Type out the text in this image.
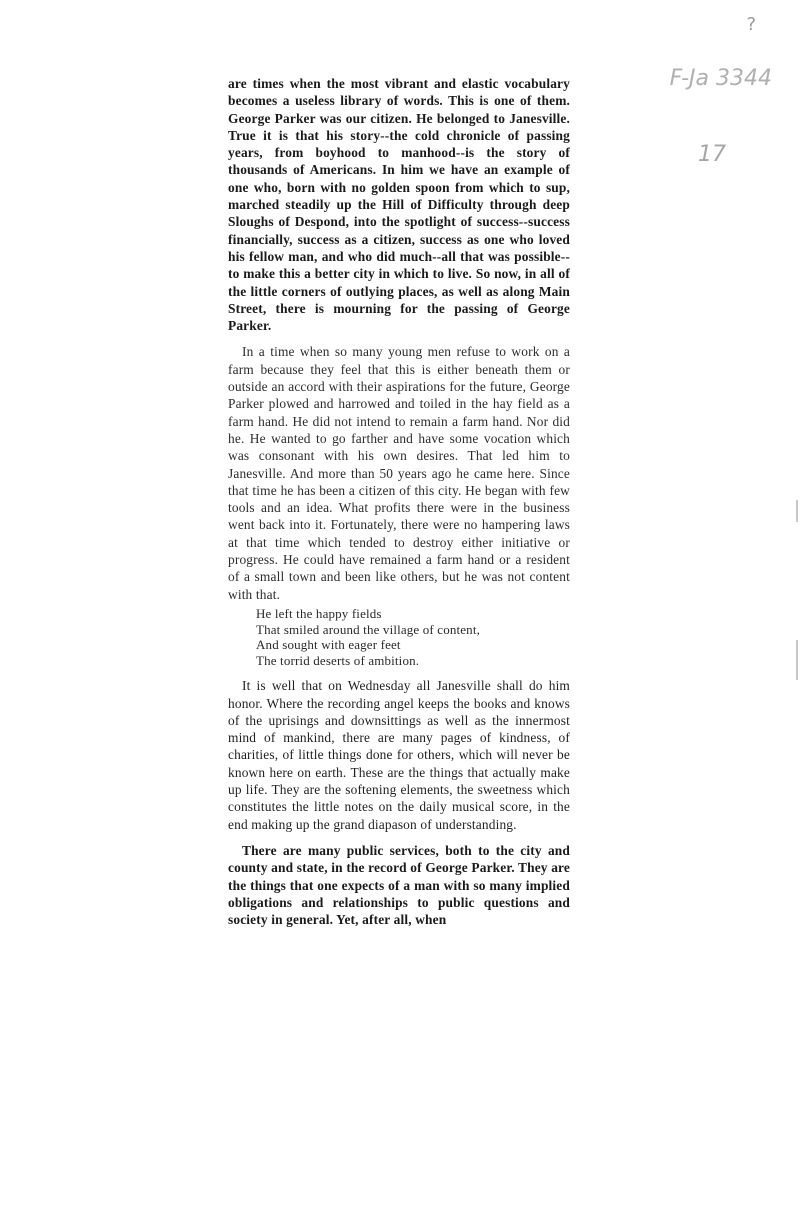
are times when the most vibrant and elastic vocabulary becomes a useless library of words. This is one of them. George Parker was our citizen. He belonged to Janesville. True it is that his story--the cold chronicle of passing years, from boyhood to manhood--is the story of thousands of Americans. In him we have an example of one who, born with no golden spoon from which to sup, marched steadily up the Hill of Difficulty through deep Sloughs of Despond, into the spotlight of success--success financially, success as a citizen, success as one who loved his fellow man, and who did much--all that was possible--to make this a better city in which to live. So now, in all of the little corners of outlying places, as well as along Main Street, there is mourning for the passing of George Parker.

In a time when so many young men refuse to work on a farm because they feel that this is either beneath them or outside an accord with their aspirations for the future, George Parker plowed and harrowed and toiled in the hay field as a farm hand. He did not intend to remain a farm hand. Nor did he. He wanted to go farther and have some vocation which was consonant with his own desires. That led him to Janesville. And more than 50 years ago he came here. Since that time he has been a citizen of this city. He began with few tools and an idea. What profits there were in the business went back into it. Fortunately, there were no hampering laws at that time which tended to destroy either initiative or progress. He could have remained a farm hand or a resident of a small town and been like others, but he was not content with that.

He left the happy fields
That smiled around the village of content,
And sought with eager feet
The torrid deserts of ambition.

It is well that on Wednesday all Janesville shall do him honor. Where the recording angel keeps the books and knows of the uprisings and downsittings as well as the innermost mind of mankind, there are many pages of kindness, of charities, of little things done for others, which will never be known here on earth. These are the things that actually make up life. They are the softening elements, the sweetness which constitutes the little notes on the daily musical score, in the end making up the grand diapason of understanding.

There are many public services, both to the city and county and state, in the record of George Parker. They are the things that one expects of a man with so many implied obligations and relationships to public questions and society in general. Yet, after all, when

?
F-Ja 3344
17
